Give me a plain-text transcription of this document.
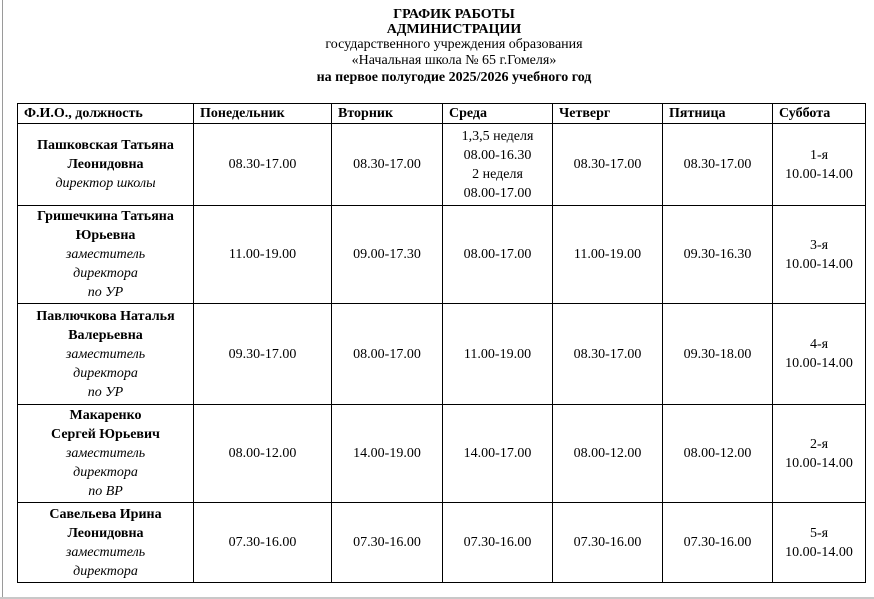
ГРАФИК РАБОТЫ
АДМИНИСТРАЦИИ
государственного учреждения образования
«Начальная школа № 65 г.Гомеля»
на первое полугодие 2025/2026 учебного год
Ф.И.О., должность	Понедельник	Вторник	Среда	Четверг	Пятница	Суббота

Пашковская Татьяна
Леонидовна
директор школы	08.30-17.00	08.30-17.00	1,3,5 неделя
08.00-16.30
2 неделя
08.00-17.00	08.30-17.00	08.30-17.00	1-я
10.00-14.00

Гришечкина Татьяна
Юрьевна
заместитель
директора
по УР	11.00-19.00	09.00-17.30	08.00-17.00	11.00-19.00	09.30-16.30	3-я
10.00-14.00

Павлючкова Наталья
Валерьевна
заместитель
директора
по УР	09.30-17.00	08.00-17.00	11.00-19.00	08.30-17.00	09.30-18.00	4-я
10.00-14.00

Макаренко
Сергей Юрьевич
заместитель
директора
по ВР	08.00-12.00	14.00-19.00	14.00-17.00	08.00-12.00	08.00-12.00	2-я
10.00-14.00

Савельева Ирина
Леонидовна
заместитель
директора	07.30-16.00	07.30-16.00	07.30-16.00	07.30-16.00	07.30-16.00	5-я
10.00-14.00
